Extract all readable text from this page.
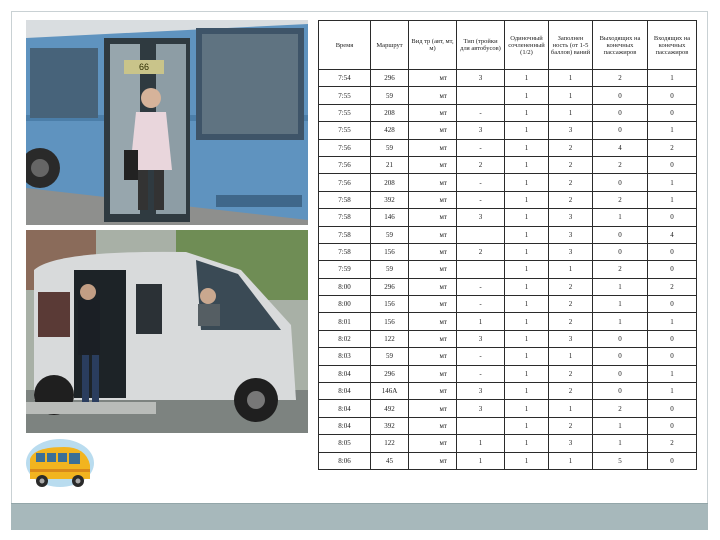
66
Время	Маршрут	Вид тр (авт, мт, м)	Тип (тройки для автобусов)	Одиночный сочлененный (1/2)	Заполнен ность (от 1-5 баллов) ваний	Выходящих на конечных пассажиров	Входящих на конечных пассажиров
7:54	296	мт	3	1	1	2	1
7:55	59	мт		1	1	0	0
7:55	208	мт	-	1	1	0	0
7:55	428	мт	3	1	3	0	1
7:56	59	мт	-	1	2	4	2
7:56	21	мт	2	1	2	2	0
7:56	208	мт	-	1	2	0	1
7:58	392	мт	-	1	2	2	1
7:58	146	мт	3	1	3	1	0
7:58	59	мт		1	3	0	4
7:58	156	мт	2	1	3	0	0
7:59	59	мт		1	1	2	0
8:00	296	мт	-	1	2	1	2
8:00	156	мт	-	1	2	1	0
8:01	156	мт	1	1	2	1	1
8:02	122	мт	3	1	3	0	0
8:03	59	мт	-	1	1	0	0
8:04	296	мт	-	1	2	0	1
8:04	146А	мт	3	1	2	0	1
8:04	492	мт	3	1	1	2	0
8:04	392	мт		1	2	1	0
8:05	122	мт	1	1	3	1	2
8:06	45	мт	1	1	1	5	0
